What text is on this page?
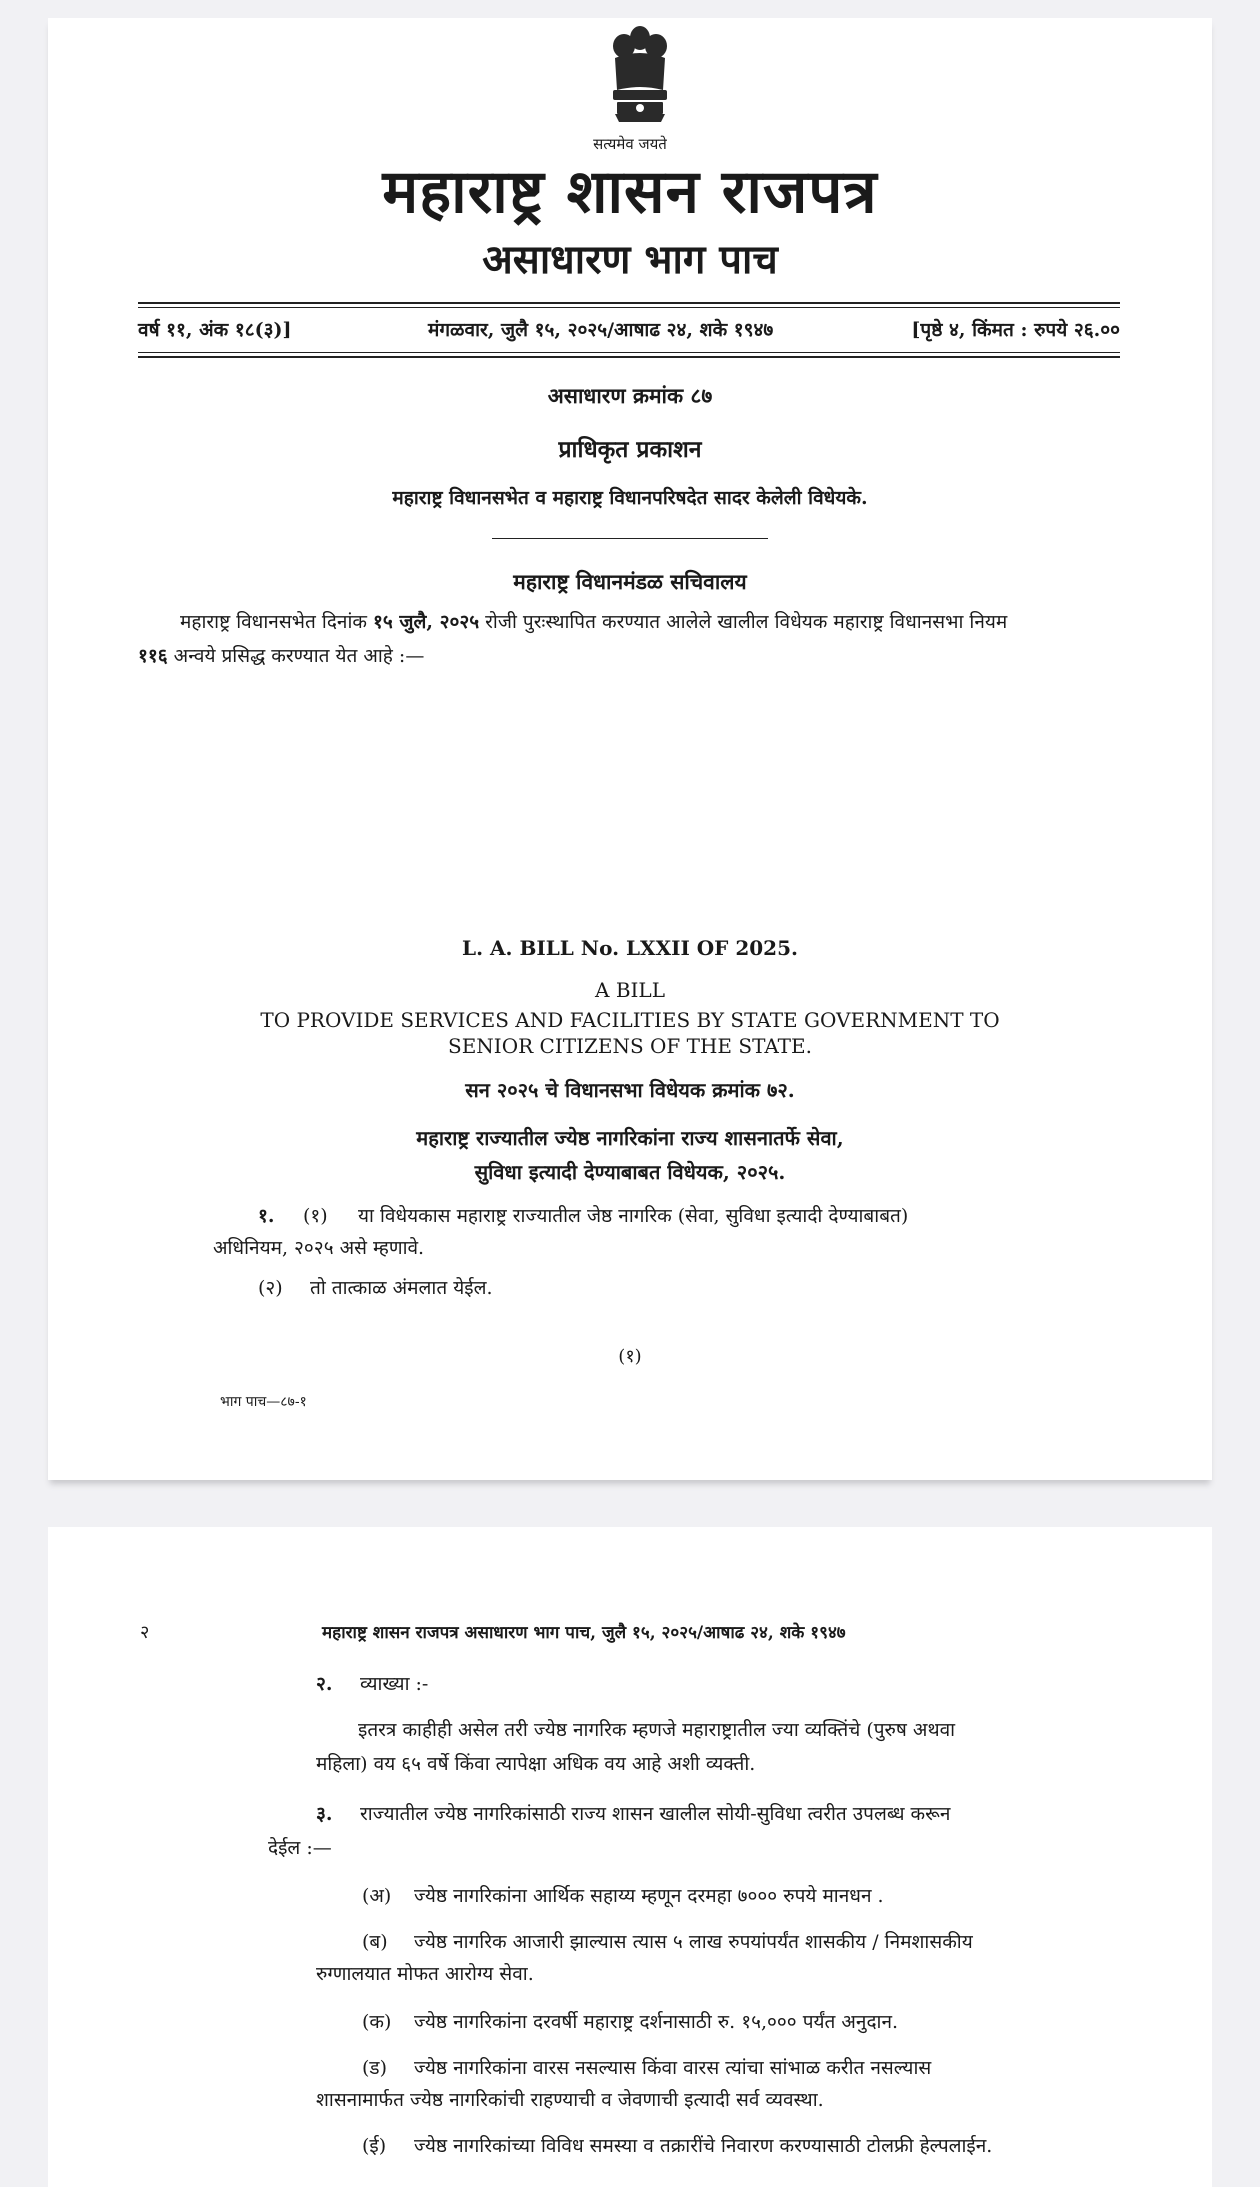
सत्यमेव जयते
महाराष्ट्र शासन राजपत्र
असाधारण भाग पाच
वर्ष ११, अंक १८(३)]	मंगळवार, जुलै १५, २०२५/आषाढ २४, शके १९४७	[पृष्ठे ४, किंमत : रुपये २६.००
असाधारण क्रमांक ८७
प्राधिकृत प्रकाशन
महाराष्ट्र विधानसभेत व महाराष्ट्र विधानपरिषदेत सादर केलेली विधेयके.
महाराष्ट्र विधानमंडळ सचिवालय
महाराष्ट्र विधानसभेत दिनांक १५ जुलै, २०२५ रोजी पुरःस्थापित करण्यात आलेले खालील विधेयक महाराष्ट्र विधानसभा नियम
११६ अन्वये प्रसिद्ध करण्यात येत आहे :—
L. A. BILL No. LXXII OF 2025.
A BILL
TO PROVIDE SERVICES AND FACILITIES BY STATE GOVERNMENT TO
SENIOR CITIZENS OF THE STATE.
सन २०२५ चे विधानसभा विधेयक क्रमांक ७२.
महाराष्ट्र राज्यातील ज्येष्ठ नागरिकांना राज्य शासनातर्फे सेवा,
सुविधा इत्यादी देण्याबाबत विधेयक, २०२५.
१. (१) या विधेयकास महाराष्ट्र राज्यातील जेष्ठ नागरिक (सेवा, सुविधा इत्यादी देण्याबाबत)
अधिनियम, २०२५ असे म्हणावे.
(२) तो तात्काळ अंमलात येईल.
(१)
भाग पाच—८७-१
२	महाराष्ट्र शासन राजपत्र असाधारण भाग पाच, जुलै १५, २०२५/आषाढ २४, शके १९४७
२. व्याख्या :-
इतरत्र काहीही असेल तरी ज्येष्ठ नागरिक म्हणजे महाराष्ट्रातील ज्या व्यक्तिंचे (पुरुष अथवा
महिला) वय ६५ वर्षे किंवा त्यापेक्षा अधिक वय आहे अशी व्यक्ती.
३. राज्यातील ज्येष्ठ नागरिकांसाठी राज्य शासन खालील सोयी-सुविधा त्वरीत उपलब्ध करून
देईल :—
(अ) ज्येष्ठ नागरिकांना आर्थिक सहाय्य म्हणून दरमहा ७००० रुपये मानधन .
(ब) ज्येष्ठ नागरिक आजारी झाल्यास त्यास ५ लाख रुपयांपर्यंत शासकीय / निमशासकीय
रुग्णालयात मोफत आरोग्य सेवा.
(क) ज्येष्ठ नागरिकांना दरवर्षी महाराष्ट्र दर्शनासाठी रु. १५,००० पर्यंत अनुदान.
(ड) ज्येष्ठ नागरिकांना वारस नसल्यास किंवा वारस त्यांचा सांभाळ करीत नसल्यास
शासनामार्फत ज्येष्ठ नागरिकांची राहण्याची व जेवणाची इत्यादी सर्व व्यवस्था.
(ई) ज्येष्ठ नागरिकांच्या विविध समस्या व तक्रारींचे निवारण करण्यासाठी टोलफ्री हेल्पलाईन.
